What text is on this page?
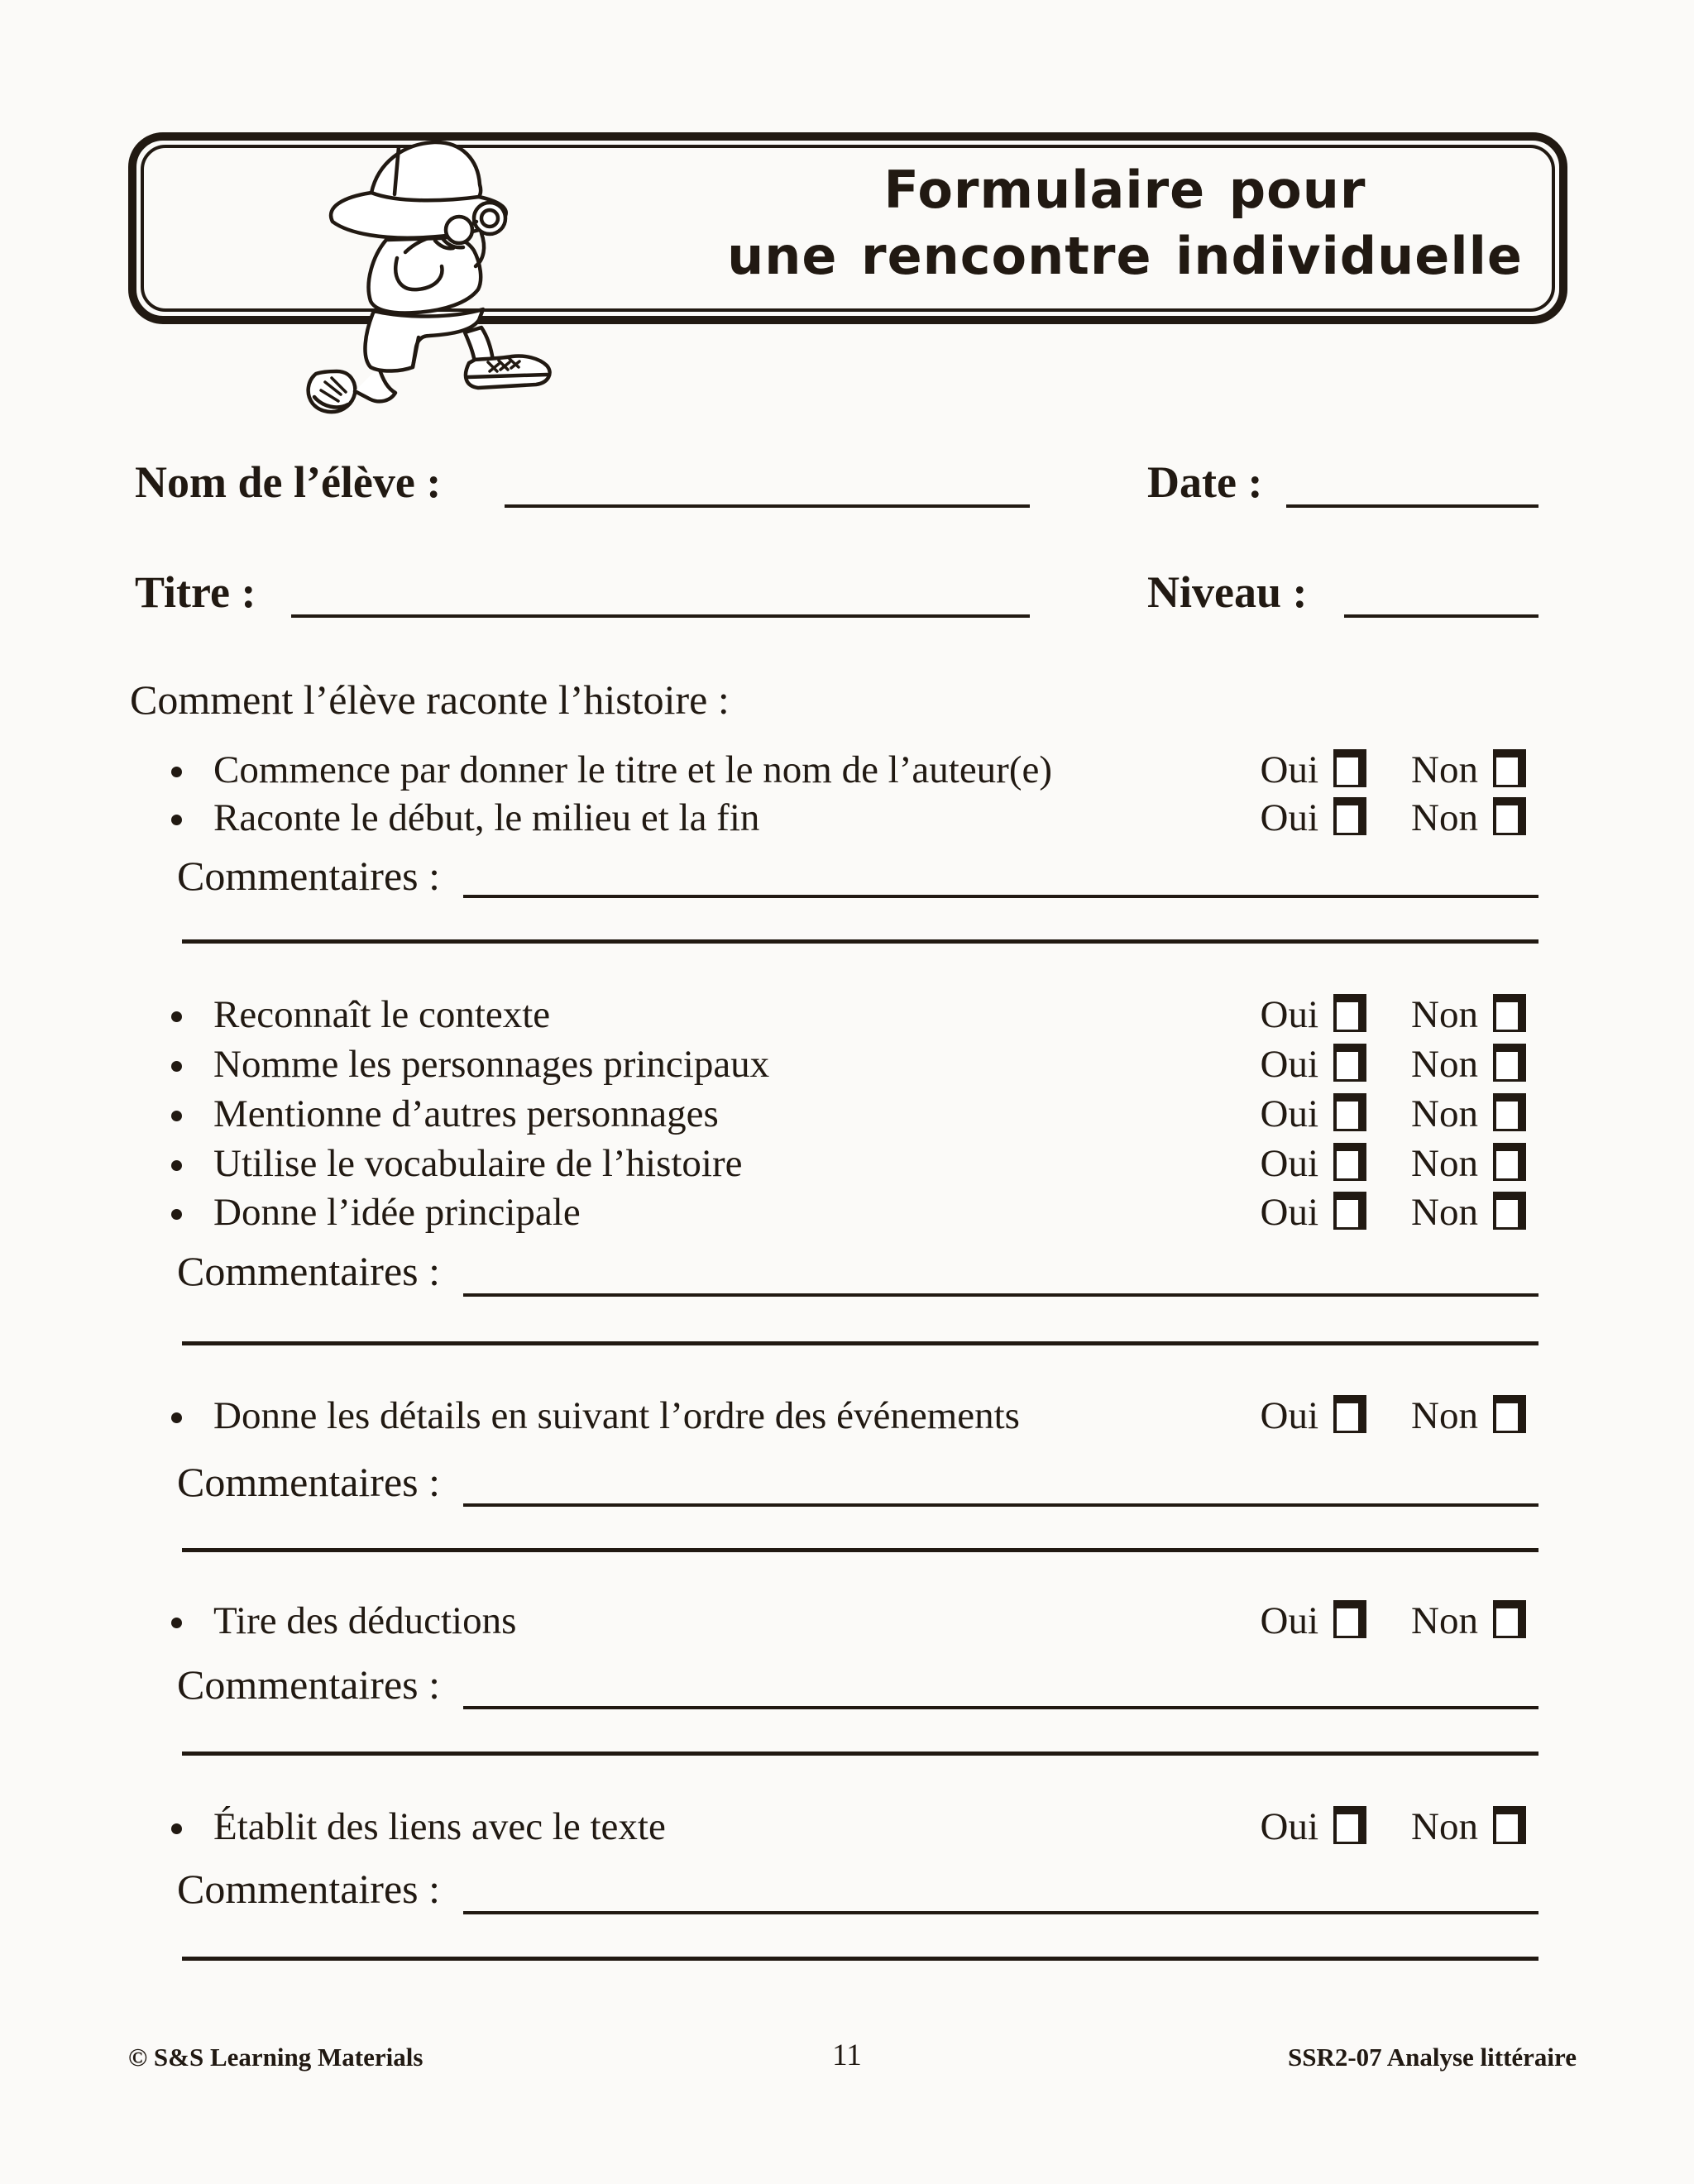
Formulaire pour
une rencontre individuelle
Nom de l’élève :	Date :
Titre :	Niveau :
Comment l’élève raconte l’histoire :
Commence par donner le titre et le nom de l’auteur(e)	Oui Non
Raconte le début, le milieu et la fin	Oui Non
Commentaires :
Reconnaît le contexte	Oui Non
Nomme les personnages principaux	Oui Non
Mentionne d’autres personnages	Oui Non
Utilise le vocabulaire de l’histoire	Oui Non
Donne l’idée principale	Oui Non
Commentaires :
Donne les détails en suivant l’ordre des événements	Oui Non
Commentaires :
Tire des déductions	Oui Non
Commentaires :
Établit des liens avec le texte	Oui Non
Commentaires :
© S&S Learning Materials	11	SSR2-07 Analyse littéraire
